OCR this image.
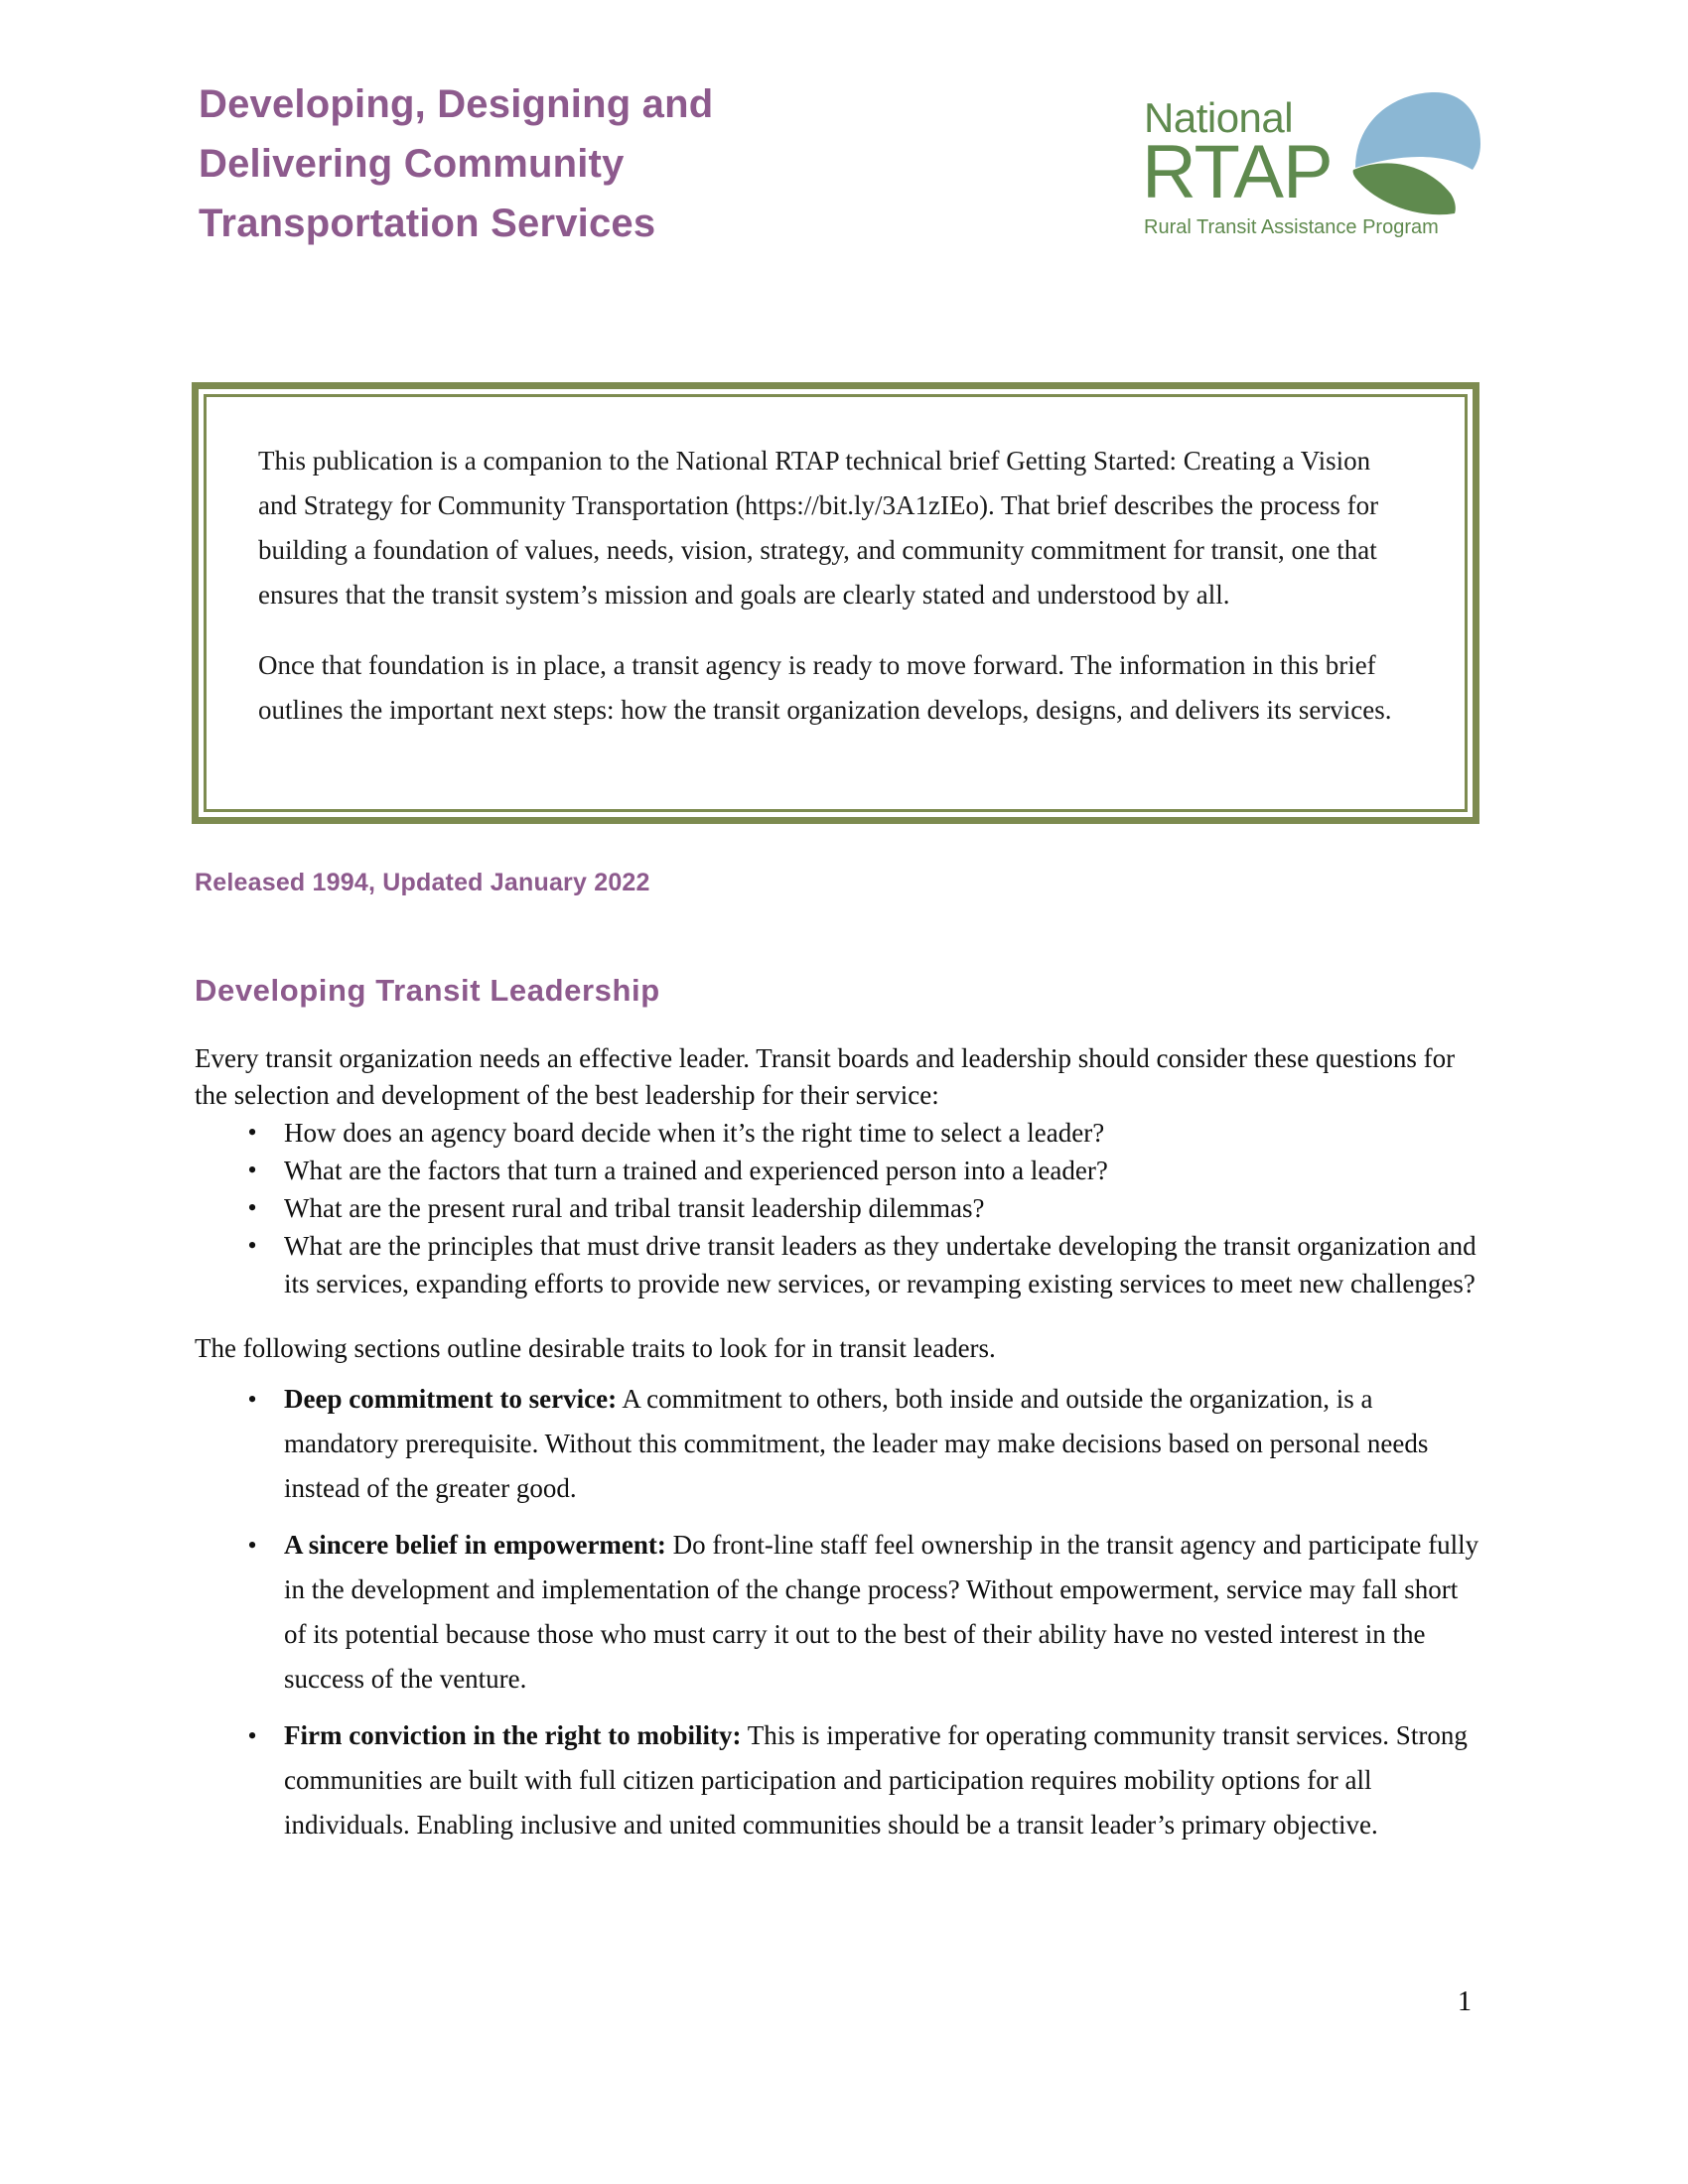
Developing, Designing and
Delivering Community
Transportation Services
National
RTAP
Rural Transit Assistance Program

This publication is a companion to the National RTAP technical brief Getting Started: Creating a Vision and Strategy for Community Transportation (https://bit.ly/3A1zIEo). That brief describes the process for building a foundation of values, needs, vision, strategy, and community commitment for transit, one that ensures that the transit system’s mission and goals are clearly stated and understood by all.

Once that foundation is in place, a transit agency is ready to move forward. The information in this brief outlines the important next steps: how the transit organization develops, designs, and delivers its services.

Released 1994, Updated January 2022
Developing Transit Leadership

Every transit organization needs an effective leader. Transit boards and leadership should consider these questions for the selection and development of the best leadership for their service:

• How does an agency board decide when it’s the right time to select a leader?
• What are the factors that turn a trained and experienced person into a leader?
• What are the present rural and tribal transit leadership dilemmas?
• What are the principles that must drive transit leaders as they undertake developing the transit organization and its services, expanding efforts to provide new services, or revamping existing services to meet new challenges?

The following sections outline desirable traits to look for in transit leaders.

• Deep commitment to service: A commitment to others, both inside and outside the organization, is a mandatory prerequisite. Without this commitment, the leader may make decisions based on personal needs instead of the greater good.
• A sincere belief in empowerment: Do front-line staff feel ownership in the transit agency and participate fully in the development and implementation of the change process? Without empowerment, service may fall short of its potential because those who must carry it out to the best of their ability have no vested interest in the success of the venture.
• Firm conviction in the right to mobility: This is imperative for operating community transit services. Strong communities are built with full citizen participation and participation requires mobility options for all individuals. Enabling inclusive and united communities should be a transit leader’s primary objective.
1
